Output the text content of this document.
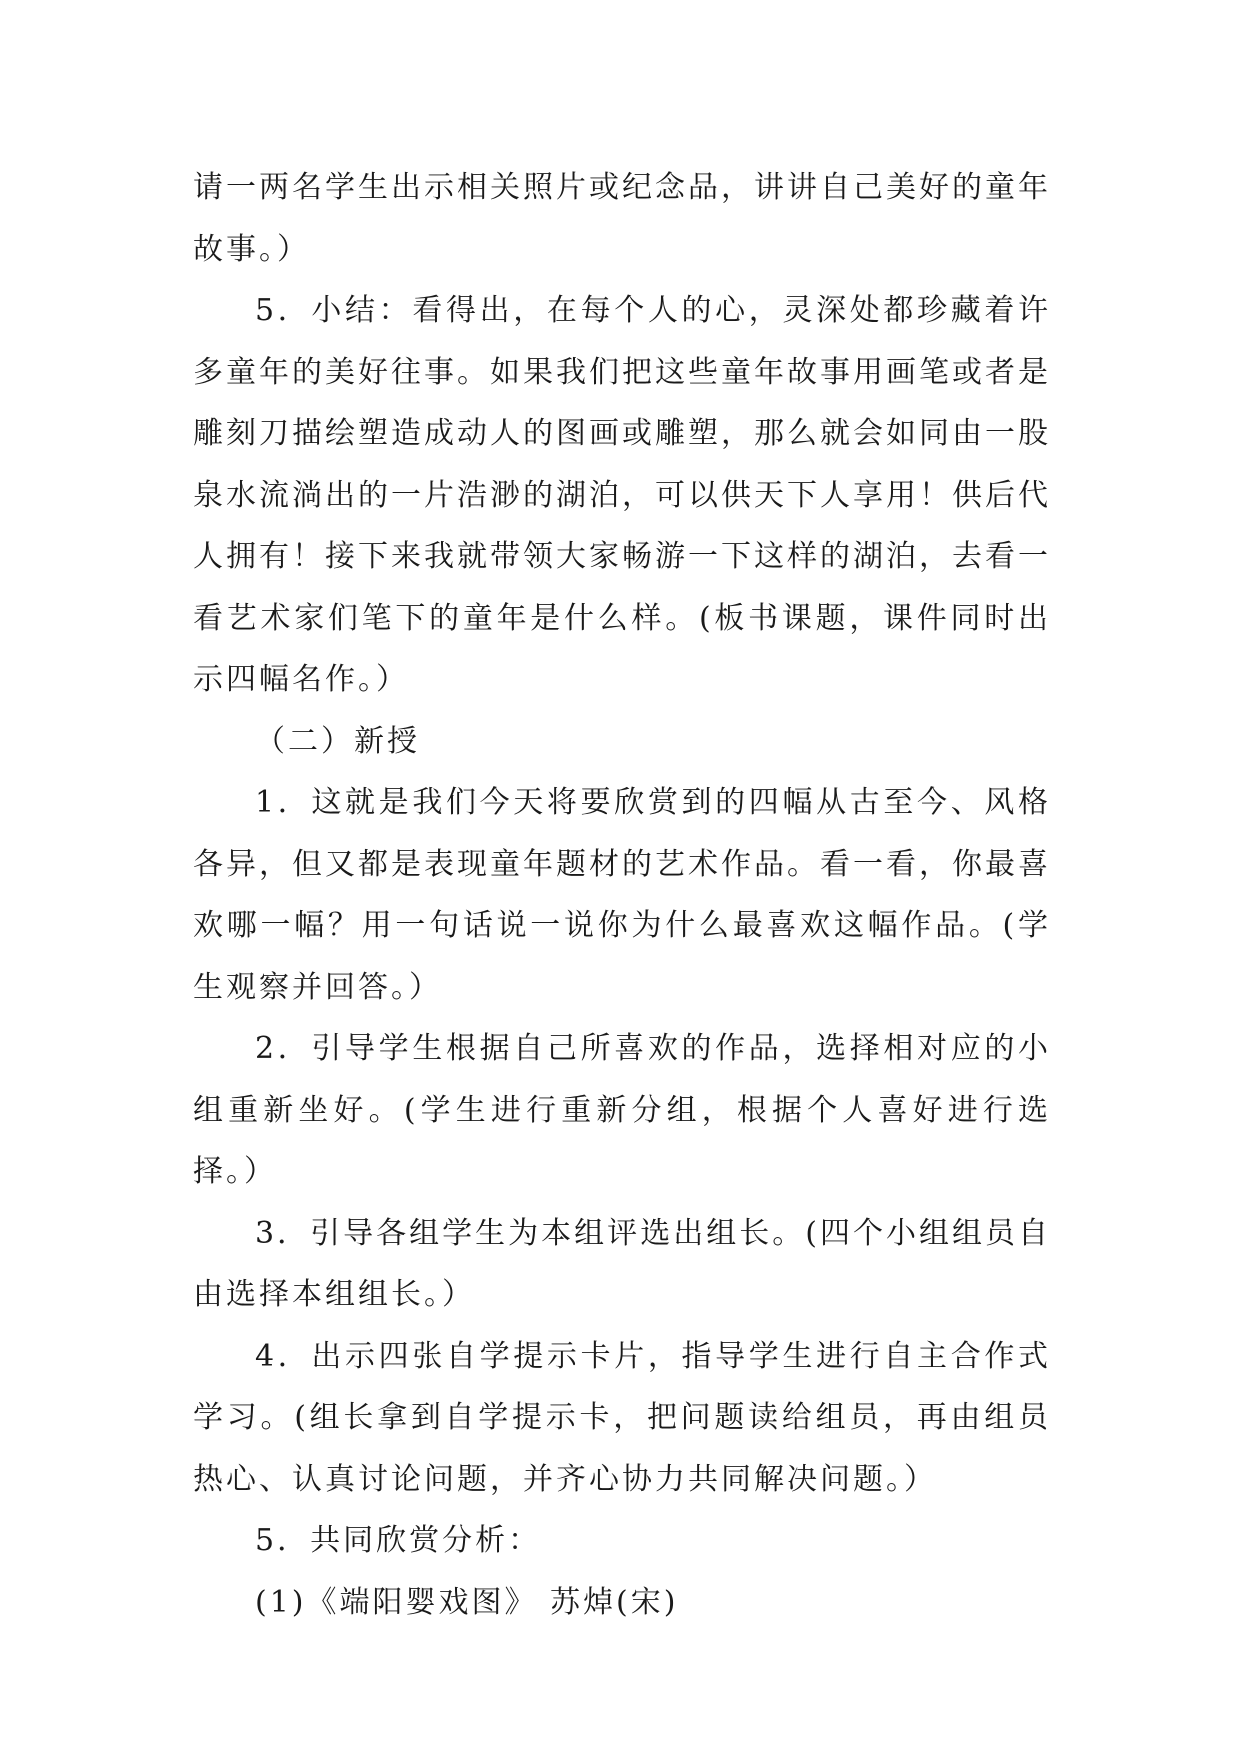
请一两名学生出示相关照片或纪念品，讲讲自己美好的童年故事。）

5．小结：看得出，在每个人的心，灵深处都珍藏着许多童年的美好往事。如果我们把这些童年故事用画笔或者是雕刻刀描绘塑造成动人的图画或雕塑，那么就会如同由一股泉水流淌出的一片浩渺的湖泊，可以供天下人享用！供后代人拥有！接下来我就带领大家畅游一下这样的湖泊，去看一看艺术家们笔下的童年是什么样。(板书课题，课件同时出示四幅名作。）

（二）新授

1．这就是我们今天将要欣赏到的四幅从古至今、风格各异，但又都是表现童年题材的艺术作品。看一看，你最喜欢哪一幅？用一句话说一说你为什么最喜欢这幅作品。(学生观察并回答。）

2．引导学生根据自己所喜欢的作品，选择相对应的小组重新坐好。(学生进行重新分组，根据个人喜好进行选择。）

3．引导各组学生为本组评选出组长。(四个小组组员自由选择本组组长。）

4．出示四张自学提示卡片，指导学生进行自主合作式学习。(组长拿到自学提示卡，把问题读给组员，再由组员热心、认真讨论问题，并齐心协力共同解决问题。）

5．共同欣赏分析：

(1)《端阳婴戏图》 苏焯(宋)
